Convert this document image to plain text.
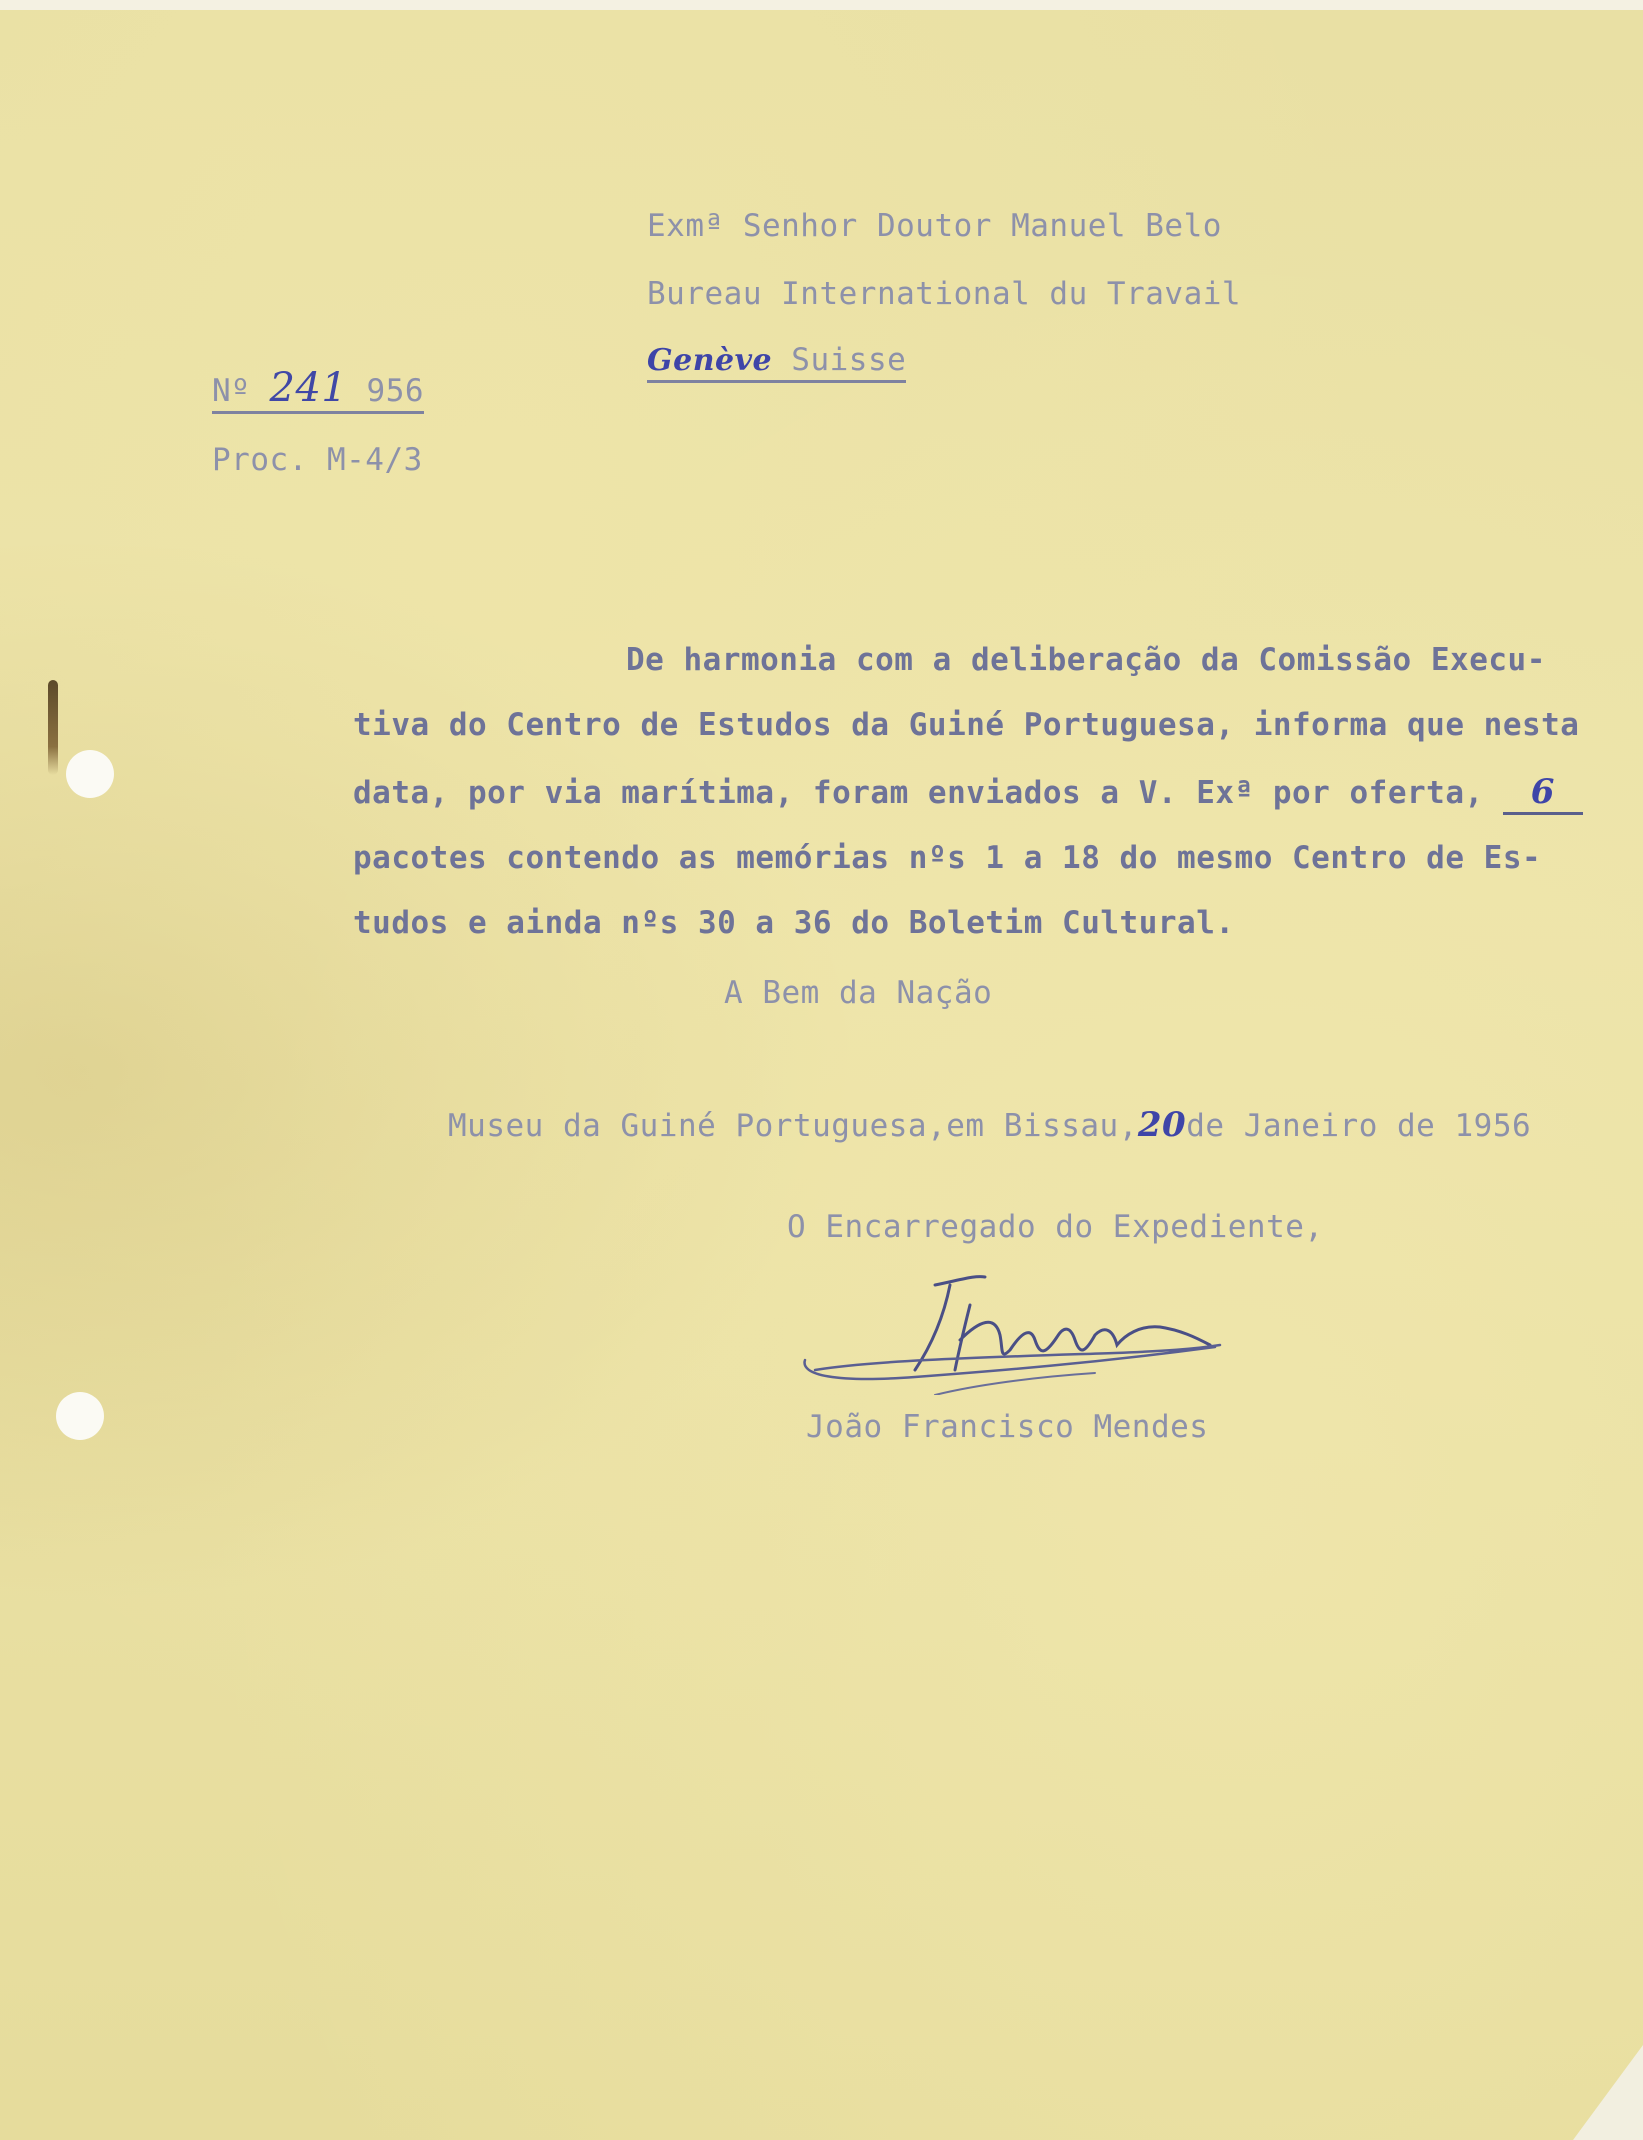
Exmª Senhor Doutor Manuel Belo
Bureau International du Travail
Genève Suisse
Nº 241 956
Proc. M-4/3
De harmonia com a deliberação da Comissão Execu-
tiva do Centro de Estudos da Guiné Portuguesa, informa que nesta
data, por via marítima, foram enviados a V. Exª por oferta, 6
pacotes contendo as memórias nºs 1 a 18 do mesmo Centro de Es-
tudos e ainda nºs 30 a 36 do Boletim Cultural.
A Bem da Nação
Museu da Guiné Portuguesa,em Bissau,20de Janeiro de 1956
O Encarregado do Expediente,
João Francisco Mendes
